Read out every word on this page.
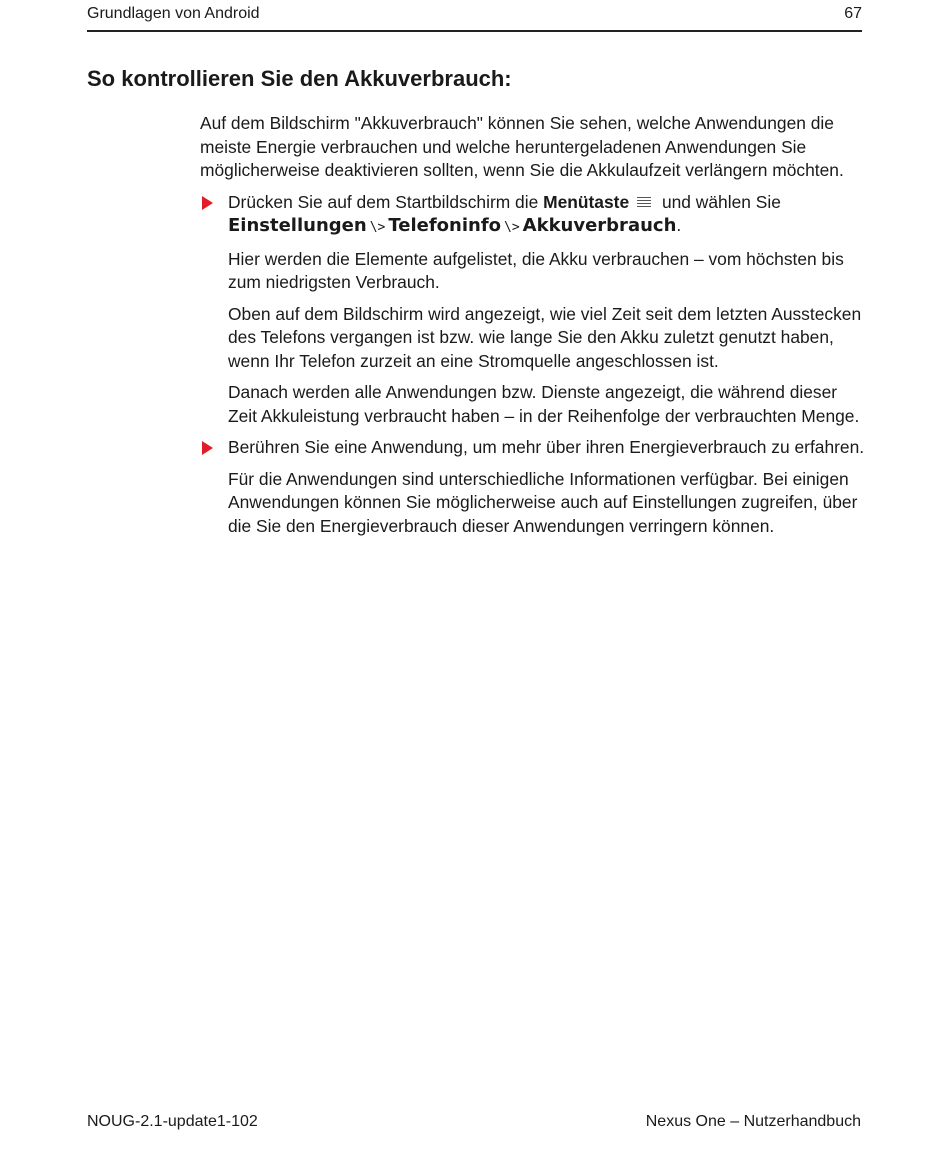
Grundlagen von Android	67
So kontrollieren Sie den Akkuverbrauch:

Auf dem Bildschirm "Akkuverbrauch" können Sie sehen, welche Anwendungen die meiste Energie verbrauchen und welche heruntergeladenen Anwendungen Sie möglicherweise deaktivieren sollten, wenn Sie die Akkulaufzeit verlängern möchten.

Drücken Sie auf dem Startbildschirm die Menütaste und wählen Sie
Einstellungen \> Telefoninfo \> Akkuverbrauch.

Hier werden die Elemente aufgelistet, die Akku verbrauchen – vom höchsten bis zum niedrigsten Verbrauch.

Oben auf dem Bildschirm wird angezeigt, wie viel Zeit seit dem letzten Ausstecken des Telefons vergangen ist bzw. wie lange Sie den Akku zuletzt genutzt haben, wenn Ihr Telefon zurzeit an eine Stromquelle angeschlossen ist.

Danach werden alle Anwendungen bzw. Dienste angezeigt, die während dieser Zeit Akkuleistung verbraucht haben – in der Reihenfolge der verbrauchten Menge.

Berühren Sie eine Anwendung, um mehr über ihren Energieverbrauch zu erfahren.

Für die Anwendungen sind unterschiedliche Informationen verfügbar. Bei einigen Anwendungen können Sie möglicherweise auch auf Einstellungen zugreifen, über die Sie den Energieverbrauch dieser Anwendungen verringern können.

NOUG-2.1-update1-102	Nexus One – Nutzerhandbuch
